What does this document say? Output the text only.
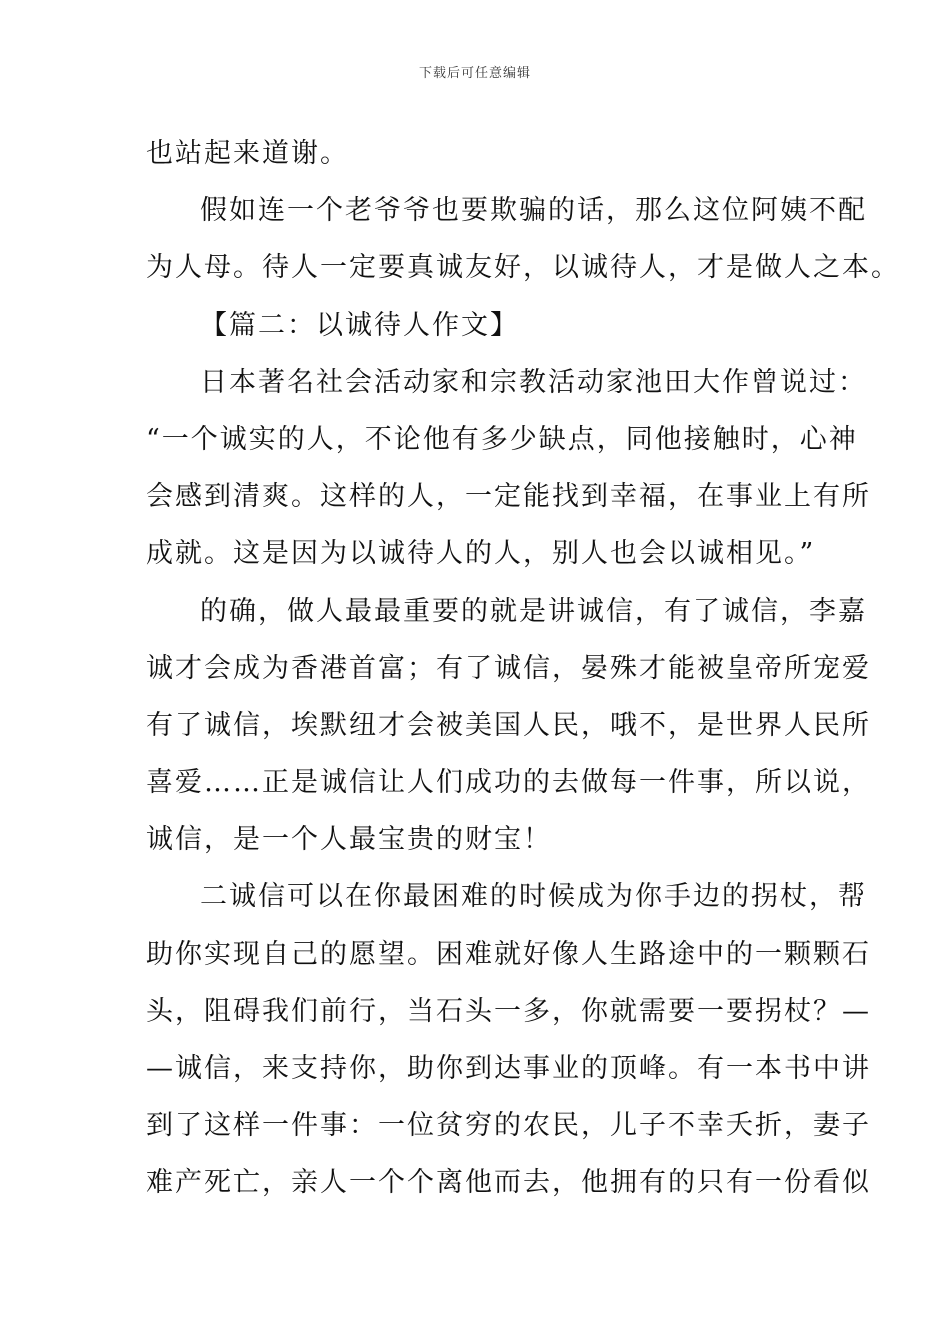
下载后可任意编辑
也站起来道谢。
假如连一个老爷爷也要欺骗的话，那么这位阿姨不配
为人母。待人一定要真诚友好，以诚待人，才是做人之本。
【篇二：以诚待人作文】
日本著名社会活动家和宗教活动家池田大作曾说过：
“一个诚实的人，不论他有多少缺点，同他接触时，心神
会感到清爽。这样的人，一定能找到幸福，在事业上有所
成就。这是因为以诚待人的人，别人也会以诚相见。”
的确，做人最最重要的就是讲诚信，有了诚信，李嘉
诚才会成为香港首富；有了诚信，晏殊才能被皇帝所宠爱
有了诚信，埃默纽才会被美国人民，哦不，是世界人民所
喜爱……正是诚信让人们成功的去做每一件事，所以说，
诚信，是一个人最宝贵的财宝！
二诚信可以在你最困难的时候成为你手边的拐杖，帮
助你实现自己的愿望。困难就好像人生路途中的一颗颗石
头，阻碍我们前行，当石头一多，你就需要一要拐杖？—
—诚信，来支持你，助你到达事业的顶峰。有一本书中讲
到了这样一件事：一位贫穷的农民，儿子不幸夭折，妻子
难产死亡，亲人一个个离他而去，他拥有的只有一份看似
